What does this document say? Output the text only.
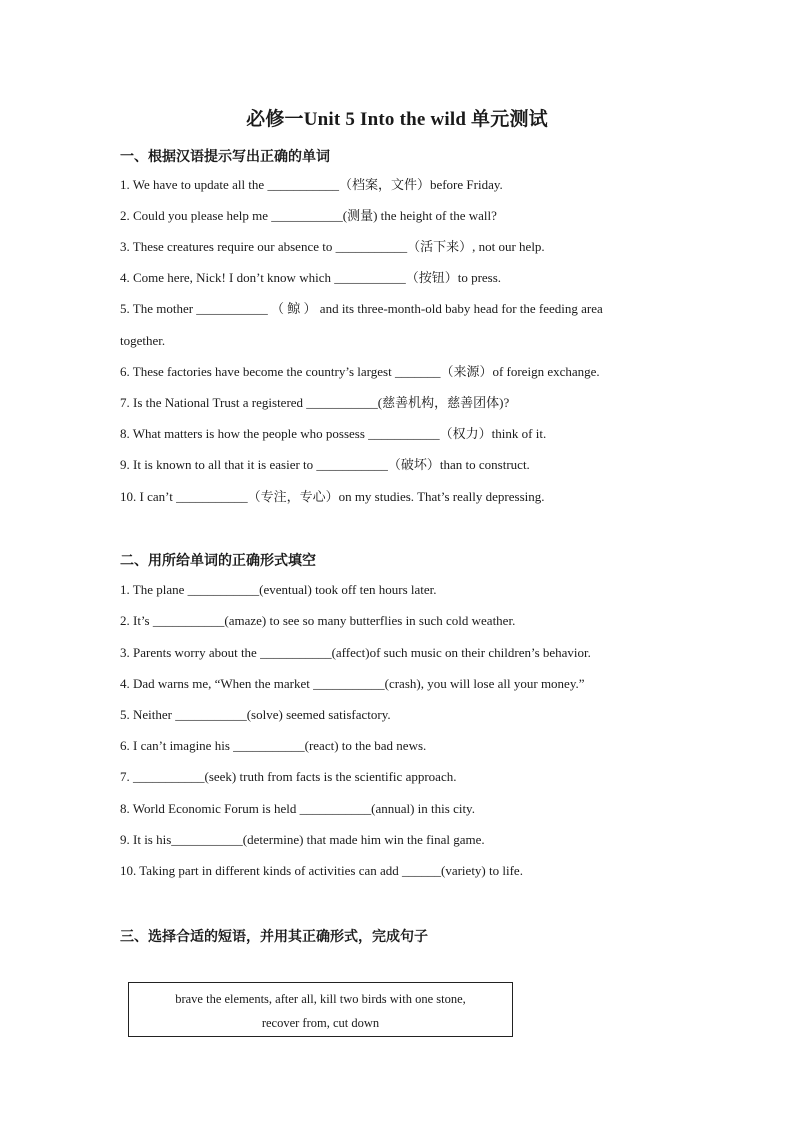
必修一Unit 5 Into the wild 单元测试
一、根据汉语提示写出正确的单词
1. We have to update all the ___________（档案，文件）before Friday.
2. Could you please help me ___________(测量) the height of the wall?
3. These creatures require our absence to ___________（活下来）, not our help.
4. Come here, Nick! I don’t know which ___________（按钮）to press.
5. The mother ___________ （ 鲸 ） and its three-month-old baby head for the feeding area
together.
6. These factories have become the country’s largest _______（来源）of foreign exchange.
7. Is the National Trust a registered ___________(慈善机构，慈善团体)?
8. What matters is how the people who possess ___________（权力）think of it.
9. It is known to all that it is easier to ___________（破坏）than to construct.
10. I can’t ___________（专注，专心）on my studies. That’s really depressing.
二、用所给单词的正确形式填空
1. The plane ___________(eventual) took off ten hours later.
2. It’s ___________(amaze) to see so many butterflies in such cold weather.
3. Parents worry about the ___________(affect)of such music on their children’s behavior.
4. Dad warns me, “When the market ___________(crash), you will lose all your money.”
5. Neither ___________(solve) seemed satisfactory.
6. I can’t imagine his ___________(react) to the bad news.
7. ___________(seek) truth from facts is the scientific approach.
8. World Economic Forum is held ___________(annual) in this city.
9. It is his___________(determine) that made him win the final game.
10. Taking part in different kinds of activities can add ______(variety) to life.
三、选择合适的短语，并用其正确形式，完成句子
brave the elements, after all, kill two birds with one stone,
recover from, cut down
